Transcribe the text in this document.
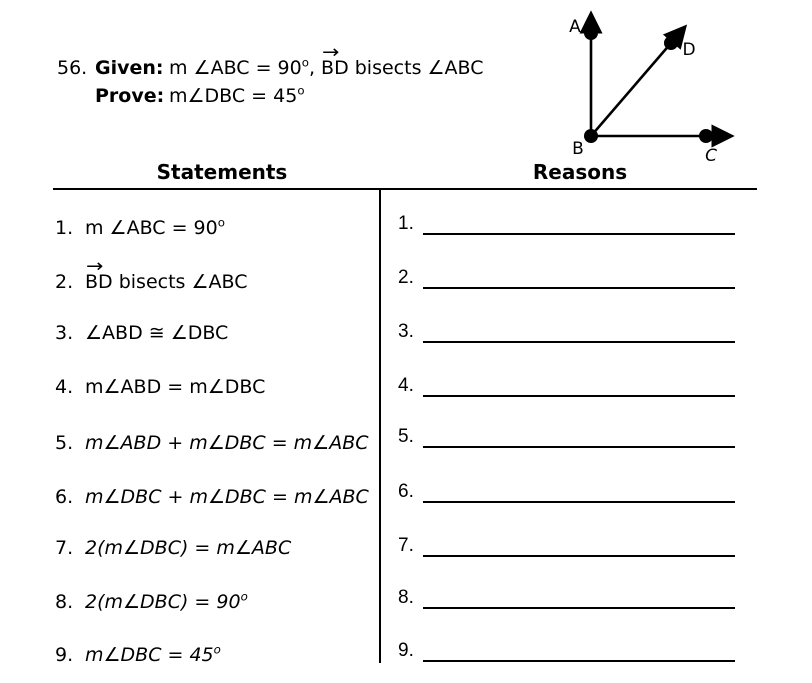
56. Given: m ∠ABC = $90^o$, → BD bisects ∠ABC
Prove: m∠DBC = $45^o$
A
D
B	C
Statements	Reasons
1. m ∠ABC = $90^o$
2. → BD bisects ∠ABC
3. ∠ABD ≅ ∠DBC
4. m∠ABD = m∠DBC
5. m∠ABD + m∠DBC = m∠ABC
6. m∠DBC + m∠DBC = m∠ABC
7. 2(m∠DBC) = m∠ABC
8. 2(m∠DBC) = $90^o$
9. m∠DBC = $45^o$
1.
2.
3.
4.
5.
6.
7.
8.
9.
